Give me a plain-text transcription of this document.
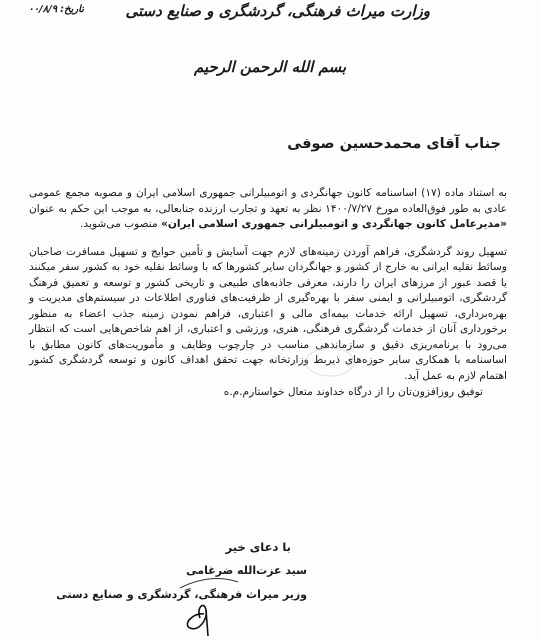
وزارت میراث فرهنگی، گردشگری و صنایع دستی
تاریخ:۰۰/۸/۹
بسم الله الرحمن الرحیم
جناب آقای محمدحسین صوفی

به استناد ماده (۱۷) اساسنامه کانون جهانگردی و اتومبیلرانی جمهوری اسلامی ایران و مصوبه مجمع عمومی عادی به طور فوق‌العاده مورخ ۱۴۰۰/۷/۲۷ نظر به تعهد و تجارب ارزنده جنابعالی، به موجب این حکم به عنوان «مدیرعامل کانون جهانگردی و اتومبیلرانی جمهوری اسلامی ایران» منصوب می‌شوید.

تسهیل روند گردشگری، فراهم آوردن زمینه‌های لازم جهت آسایش و تأمین حوایج و تسهیل مسافرت صاحبان وسائط نقلیه ایرانی به خارج از کشور و جهانگردان سایر کشورها که با وسائط نقلیه خود به کشور سفر میکنند یا قصد عبور از مرزهای ایران را دارند، معرفی جاذبه‌های طبیعی و تاریخی کشور و توسعه و تعمیق فرهنگ گردشگری، اتومبیلرانی و ایمنی سفر با بهره‌گیری از ظرفیت‌های فناوری اطلاعات در سیستم‌های مدیریت و بهره‌برداری، تسهیل ارائه خدمات بیمه‌ای مالی و اعتباری، فراهم نمودن زمینه جذب اعضاء به منظور برخورداری آنان از خدمات گردشگری فرهنگی، هنری، ورزشی و اعتباری، از اهم شاخص‌هایی است که انتظار می‌رود با برنامه‌ریزی دقیق و سازماندهی مناسب در چارچوب وظایف و مأموریت‌های کانون مطابق با اساسنامه با همکاری سایر حوزه‌های ذیربط وزارتخانه جهت تحقق اهداف کانون و توسعه گردشگری کشور اهتمام لازم به عمل آید.

توفیق روزافزون‌تان را از درگاه خداوند متعال خواستارم.م.ه

با دعای خیر
سید عزت‌الله ضرغامی
وزیر میراث فرهنگی، گردشگری و صنایع دستی
